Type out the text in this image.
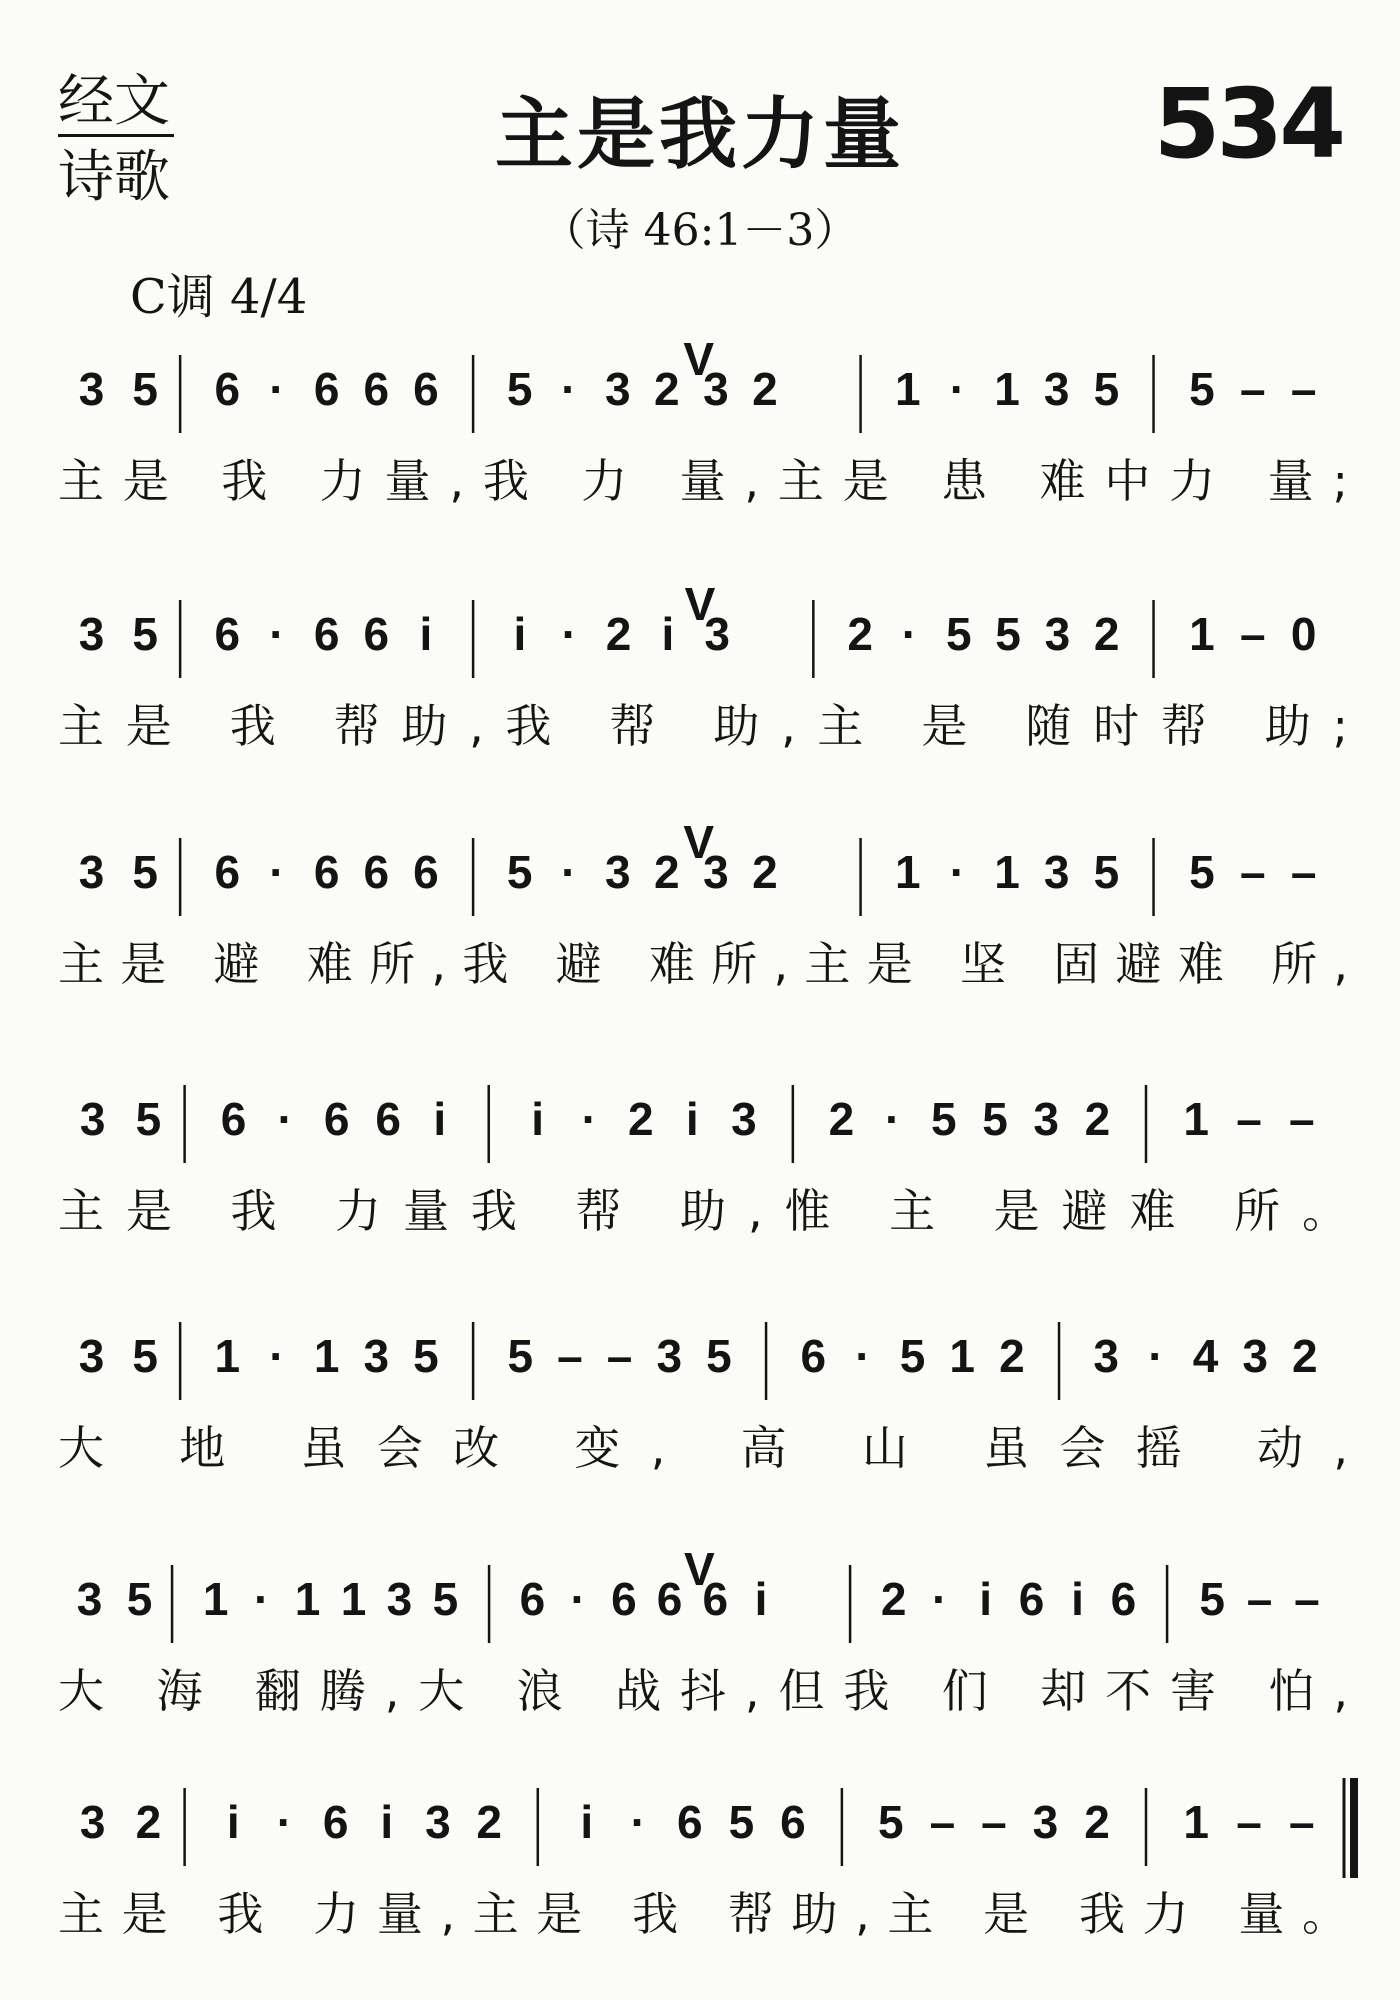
经文
诗歌	主是我力量	534
（诗 46:1－3）
C调 4/4
3 5 6 · 6 6 6 5 · 3 2
V
3 2	1 · 1 3 5 5 – –
主是 我 力量,我 力 量,主是 患 难中力 量;
3 5 6 · 6 6 i i · 2 i
V
3	2 · 5 5 3 2 1 – 0
主是 我 帮助,我 帮 助,主 是 随时帮 助;
3 5 6 · 6 6 6 5 · 3 2
V
3 2	1 · 1 3 5 5 – –
主是 避 难所,我 避 难所,主是 坚 固避难 所,
3 5 6 · 6 6 i i · 2 i 3 2 · 5 5 3 2 1 – –
主是 我 力量我 帮 助,惟 主 是避难 所。
3 5 1 · 1 3 5 5 – – 3 5 6 · 5 1 2 3 · 4 3 2
大 地 虽会改 变, 高 山 虽会摇 动,
3 5 1 · 1 1 3 5 6 · 6 6
V
6 i 2 · i 6 i 6 5 – –
大 海 翻腾,大 浪 战抖,但我 们 却不害 怕,
3 2 i · 6 i 3 2 i · 6 5 6 5 – – 3 2 1 – –
主是 我 力量,主是 我 帮助,主 是 我力 量。
